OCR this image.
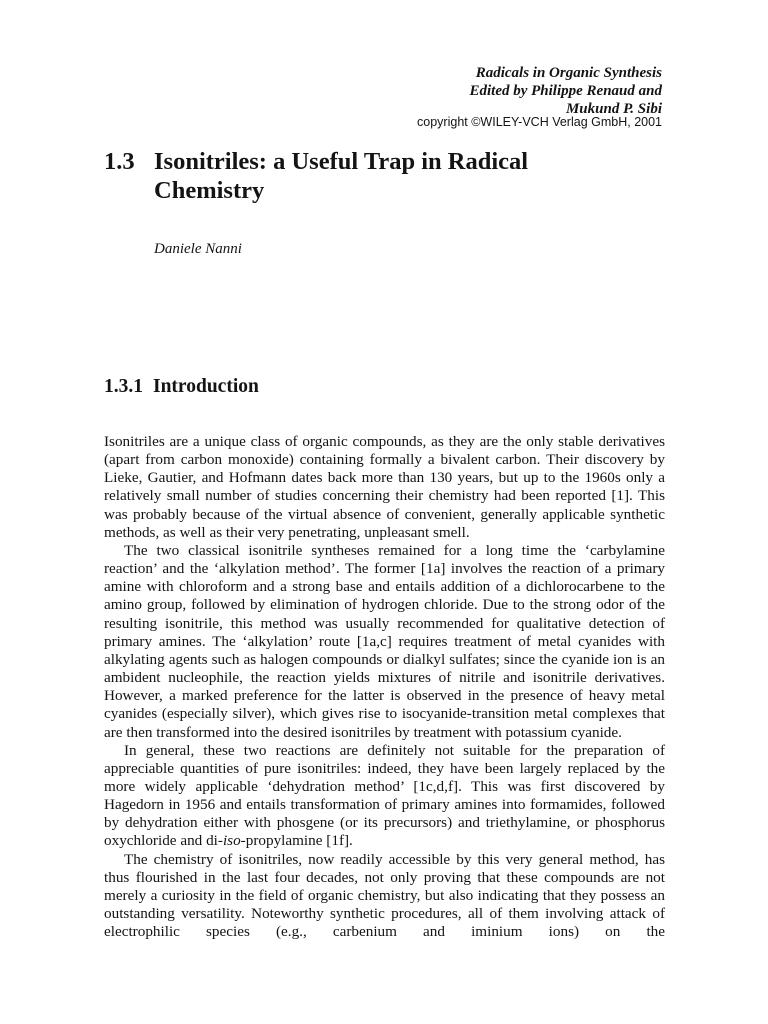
Radicals in Organic Synthesis
Edited by Philippe Renaud and
Mukund P. Sibi
copyright ©WILEY-VCH Verlag GmbH, 2001
1.3 Isonitriles: a Useful Trap in Radical
Chemistry
Daniele Nanni
1.3.1 Introduction

Isonitriles are a unique class of organic compounds, as they are the only stable derivatives (apart from carbon monoxide) containing formally a bivalent carbon. Their discovery by Lieke, Gautier, and Hofmann dates back more than 130 years, but up to the 1960s only a relatively small number of studies concerning their chemistry had been reported [1]. This was probably because of the virtual absence of convenient, generally applicable synthetic methods, as well as their very penetrating, unpleasant smell.

The two classical isonitrile syntheses remained for a long time the ‘carbylamine reaction’ and the ‘alkylation method’. The former [1a] involves the reaction of a primary amine with chloroform and a strong base and entails addition of a dichlorocarbene to the amino group, followed by elimination of hydrogen chloride. Due to the strong odor of the resulting isonitrile, this method was usually recommended for qualitative detection of primary amines. The ‘alkylation’ route [1a,c] requires treatment of metal cyanides with alkylating agents such as halogen compounds or dialkyl sulfates; since the cyanide ion is an ambident nucleophile, the reaction yields mixtures of nitrile and isonitrile derivatives. However, a marked preference for the latter is observed in the presence of heavy metal cyanides (especially silver), which gives rise to isocyanide-transition metal complexes that are then transformed into the desired isonitriles by treatment with potassium cyanide.

In general, these two reactions are definitely not suitable for the preparation of appreciable quantities of pure isonitriles: indeed, they have been largely replaced by the more widely applicable ‘dehydration method’ [1c,d,f]. This was first discovered by Hagedorn in 1956 and entails transformation of primary amines into formamides, followed by dehydration either with phosgene (or its precursors) and triethylamine, or phosphorus oxychloride and di-iso-propylamine [1f].

The chemistry of isonitriles, now readily accessible by this very general method, has thus flourished in the last four decades, not only proving that these compounds are not merely a curiosity in the field of organic chemistry, but also indicating that they possess an outstanding versatility. Noteworthy synthetic procedures, all of them involving attack of electrophilic species (e.g., carbenium and iminium ions) on the
